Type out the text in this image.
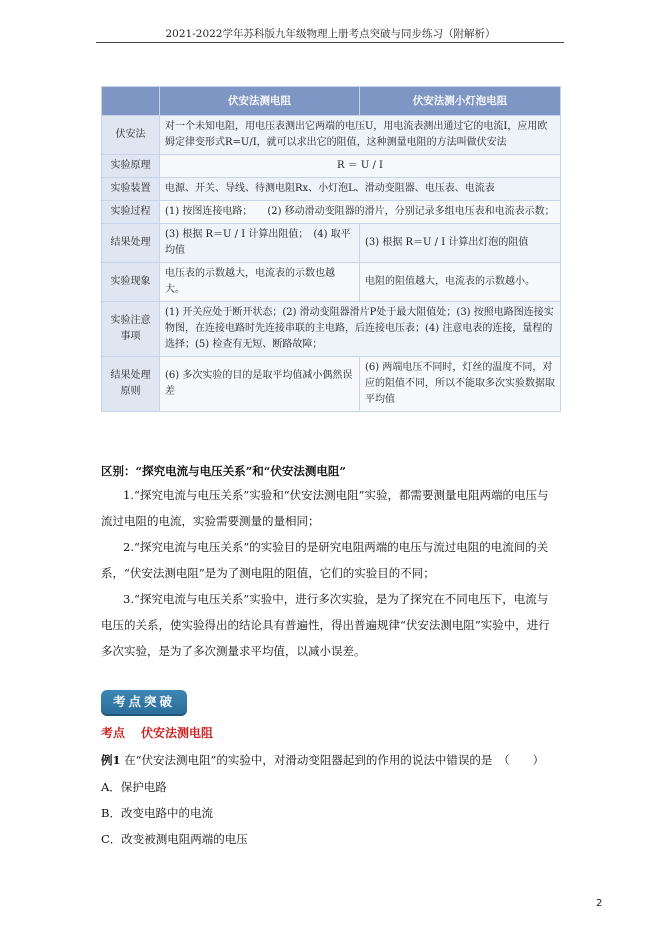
2021-2022学年苏科版九年级物理上册考点突破与同步练习（附解析）
	伏安法测电阻	伏安法测小灯泡电阻
伏安法	对一个未知电阻，用电压表测出它两端的电压U，用电流表测出通过它的电流I，应用欧姆定律变形式R=U/I，就可以求出它的阻值，这种测量电阻的方法叫做伏安法	
实验原理	R ＝ U / I	
实验装置	电源、开关、导线、待测电阻Rx、小灯泡L、滑动变阻器、电压表、电流表	
实验过程	(1) 按图连接电路；　　(2) 移动滑动变阻器的滑片，分别记录多组电压表和电流表示数；	
结果处理	(3) 根据 R＝U / I 计算出阻值；　(4) 取平均值	(3) 根据 R＝U / I 计算出灯泡的阻值
实验现象	电压表的示数越大，电流表的示数也越大。	电阻的阻值越大，电流表的示数越小。
实验注意事项	(1) 开关应处于断开状态；(2) 滑动变阻器滑片P处于最大阻值处；(3) 按照电路图连接实物图，在连接电路时先连接串联的主电路，后连接电压表；(4) 注意电表的连接，量程的选择；(5) 检查有无短、断路故障；	
结果处理原则	(6) 多次实验的目的是取平均值减小偶然误差	(6) 两端电压不同时，灯丝的温度不同，对应的阻值不同，所以不能取多次实验数据取平均值
区别：“探究电流与电压关系”和“伏安法测电阻”
1.“探究电流与电压关系”实验和“伏安法测电阻”实验，都需要测量电阻两端的电压与流过电阻的电流，实验需要测量的量相同；
2.“探究电流与电压关系”的实验目的是研究电阻两端的电压与流过电阻的电流间的关系，“伏安法测电阻”是为了测电阻的阻值，它们的实验目的不同；
3.“探究电流与电压关系”实验中，进行多次实验，是为了探究在不同电压下，电流与电压的关系，使实验得出的结论具有普遍性，得出普遍规律“伏安法测电阻”实验中，进行多次实验，是为了多次测量求平均值，以减小误差。
考点突破
考点 伏安法测电阻
例1 在“伏安法测电阻”的实验中，对滑动变阻器起到的作用的说法中错误的是　（　　）
A．保护电路
B．改变电路中的电流
C．改变被测电阻两端的电压
2
